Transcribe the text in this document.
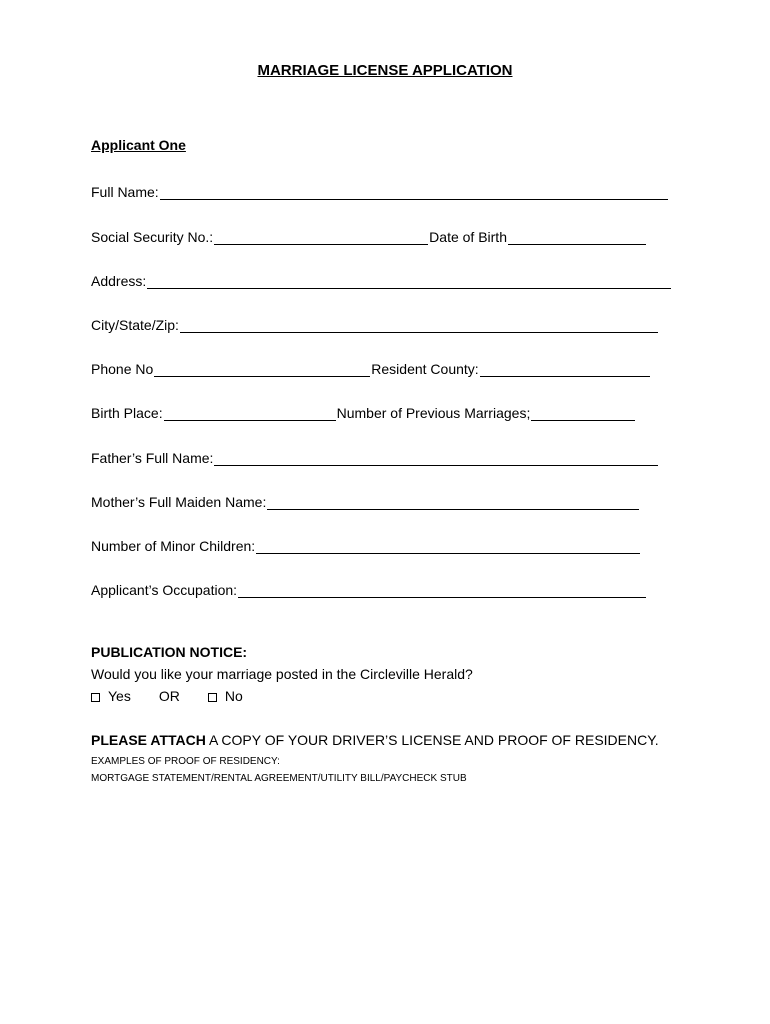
MARRIAGE LICENSE APPLICATION
Applicant One
Full Name:
Social Security No.:	Date of Birth
Address:
City/State/Zip:
Phone No	Resident County:
Birth Place:	Number of Previous Marriages;
Father’s Full Name:
Mother’s Full Maiden Name:
Number of Minor Children:
Applicant’s Occupation:
PUBLICATION NOTICE:
Would you like your marriage posted in the Circleville Herald?
Yes OR	No
PLEASE ATTACH A COPY OF YOUR DRIVER’S LICENSE AND PROOF OF RESIDENCY.
EXAMPLES OF PROOF OF RESIDENCY:
MORTGAGE STATEMENT/RENTAL AGREEMENT/UTILITY BILL/PAYCHECK STUB
